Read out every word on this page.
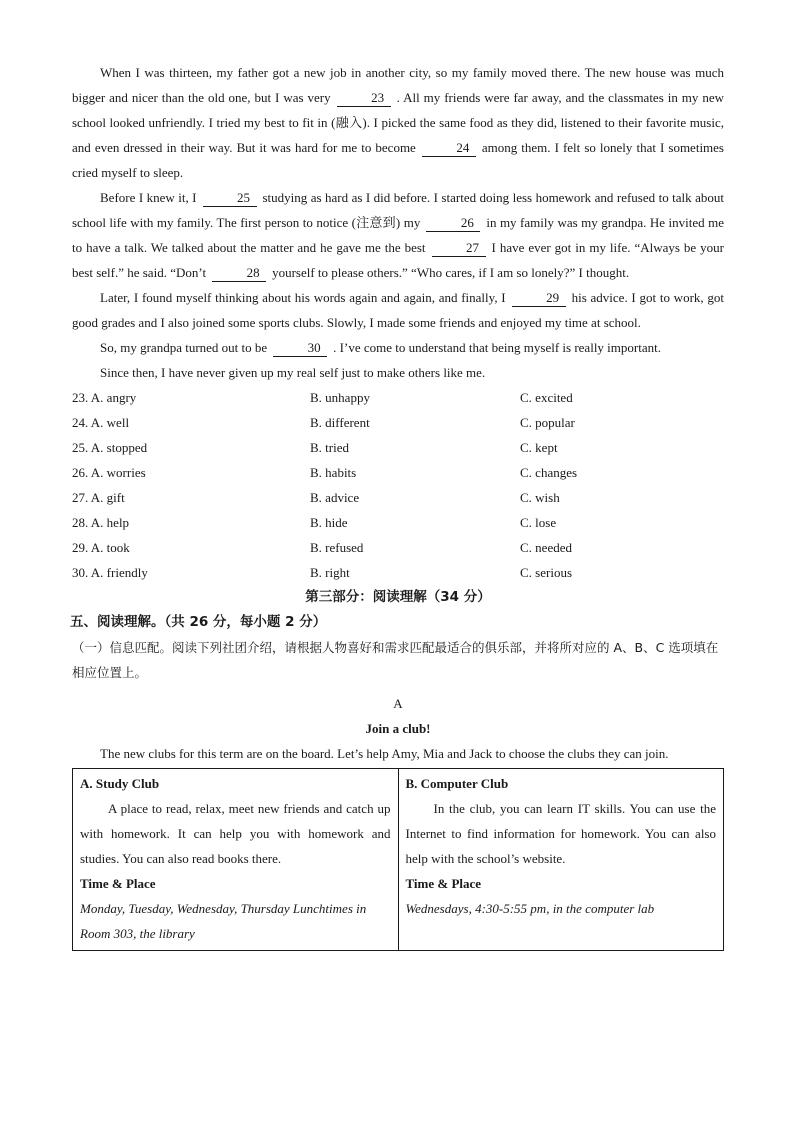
When I was thirteen, my father got a new job in another city, so my family moved there. The new house was much bigger and nicer than the old one, but I was very	23 . All my friends were far away, and the classmates in my new school looked unfriendly. I tried my best to fit in (融入). I picked the same food as they did, listened to their favorite music, and even dressed in their way. But it was hard for me to become	24 among them. I felt so lonely that I sometimes cried myself to sleep.

Before I knew it, I	25 studying as hard as I did before. I started doing less homework and refused to talk about school life with my family. The first person to notice (注意到) my	26 in my family was my grandpa. He invited me to have a talk. We talked about the matter and he gave me the best	27 I have ever got in my life. “Always be your best self.” he said. “Don’t	28 yourself to please others.” “Who cares, if I am so lonely?” I thought.

Later, I found myself thinking about his words again and again, and finally, I	29 his advice. I got to work, got good grades and I also joined some sports clubs. Slowly, I made some friends and enjoyed my time at school.

So, my grandpa turned out to be	30 . I’ve come to understand that being myself is really important.

Since then, I have never given up my real self just to make others like me.

23. A. angry	B. unhappy	C. excited
24. A. well	B. different	C. popular
25. A. stopped	B. tried	C. kept
26. A. worries	B. habits	C. changes
27. A. gift	B. advice	C. wish
28. A. help	B. hide	C. lose
29. A. took	B. refused	C. needed
30. A. friendly	B. right	C. serious
第三部分：阅读理解（34 分）
五、阅读理解。（共 26 分，每小题 2 分）
（一）信息匹配。阅读下列社团介绍，请根据人物喜好和需求匹配最适合的俱乐部，并将所对应的 A、B、C 选项填在相应位置上。
A
Join a club!

The new clubs for this term are on the board. Let’s help Amy, Mia and Jack to choose the clubs they can join.

A. Study Club

A place to read, relax, meet new friends and catch up with homework. It can help you with homework and studies. You can also read books there.

Time & Place
Monday, Tuesday, Wednesday, Thursday Lunchtimes in Room 303, the library

B. Computer Club

In the club, you can learn IT skills. You can use the Internet to find information for homework. You can also help with the school’s website.

Time & Place
Wednesdays, 4:30-5:55 pm, in the computer lab
